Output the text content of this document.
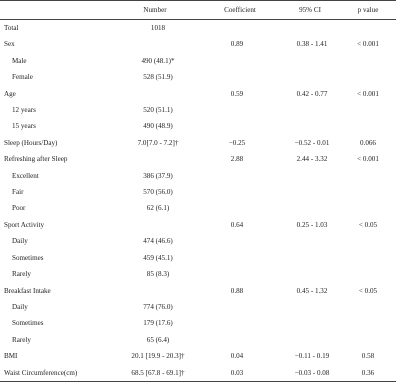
	Number	Coefficient	95% CI	p value
Total	1018			
Sex		0.89	0.38 - 1.41	< 0.001
Male	490 (48.1)*			
Female	528 (51.9)			
Age		0.59	0.42 - 0.77	< 0.001
12 years	520 (51.1)			
15 years	490 (48.9)			
Sleep (Hours/Day)	7.0[7.0 - 7.2]†	−0.25	−0.52 - 0.01	0.066
Refreshing after Sleep		2.88	2.44 - 3.32	< 0.001
Excellent	386 (37.9)			
Fair	570 (56.0)			
Poor	62 (6.1)			
Sport Activity		0.64	0.25 - 1.03	< 0.05
Daily	474 (46.6)			
Sometimes	459 (45.1)			
Rarely	85 (8.3)			
Breakfast Intake		0.88	0.45 - 1.32	< 0.05
Daily	774 (76.0)			
Sometimes	179 (17.6)			
Rarely	65 (6.4)			
BMI	20.1 [19.9 - 20.3]†	0.04	−0.11 - 0.19	0.58
Waist Circumference(cm)	68.5 [67.8 - 69.1]†	0.03	−0.03 - 0.08	0.36
